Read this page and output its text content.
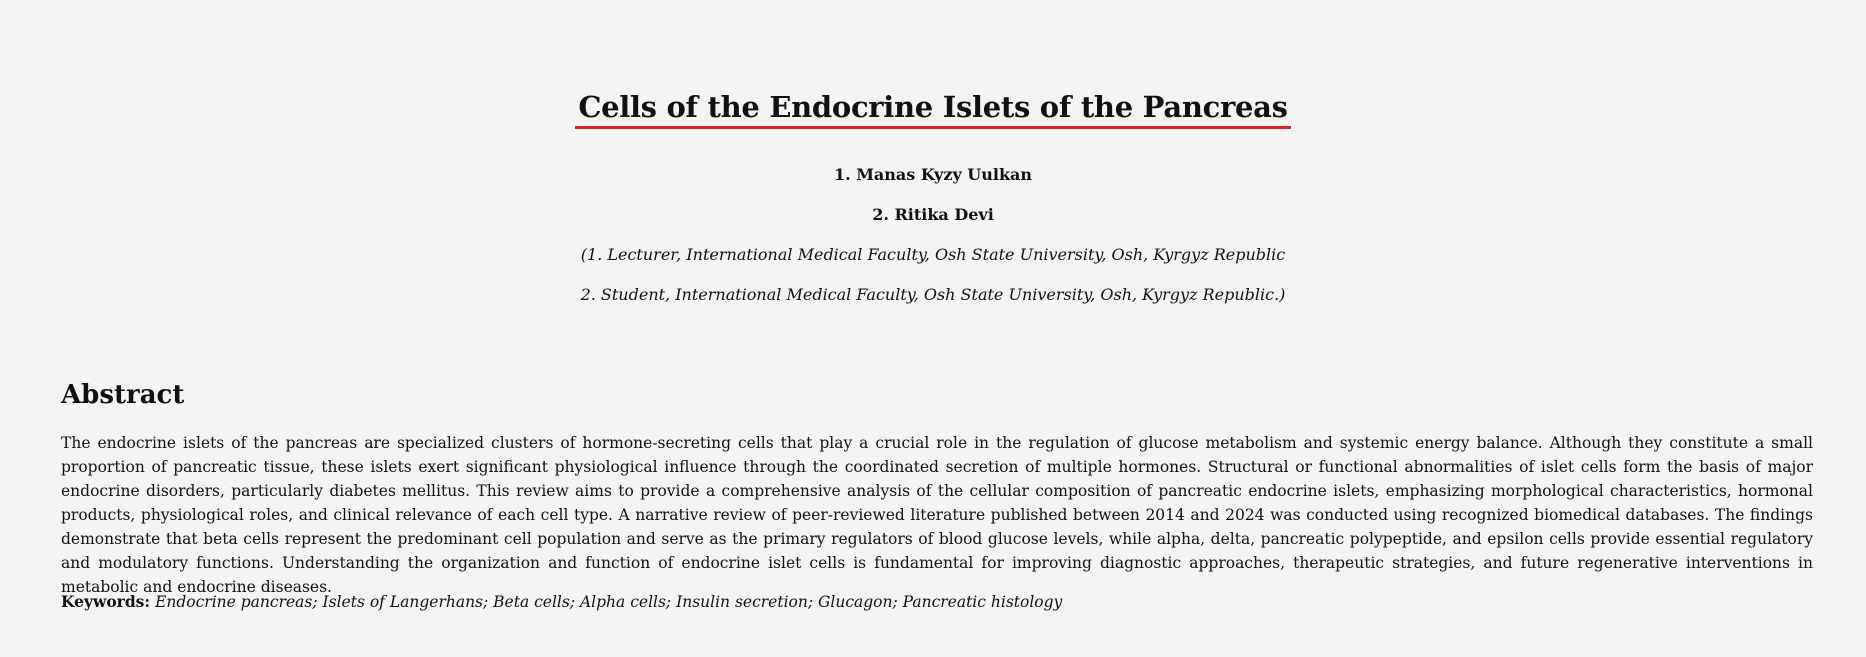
Cells of the Endocrine Islets of the Pancreas
1. Manas Kyzy Uulkan
2. Ritika Devi
(1. Lecturer, International Medical Faculty, Osh State University, Osh, Kyrgyz Republic
2. Student, International Medical Faculty, Osh State University, Osh, Kyrgyz Republic.)
Abstract

The endocrine islets of the pancreas are specialized clusters of hormone-secreting cells that play a crucial role in the regulation of glucose metabolism and systemic energy balance. Although they constitute a small proportion of pancreatic tissue, these islets exert significant physiological influence through the coordinated secretion of multiple hormones. Structural or functional abnormalities of islet cells form the basis of major endocrine disorders, particularly diabetes mellitus. This review aims to provide a comprehensive analysis of the cellular composition of pancreatic endocrine islets, emphasizing morphological characteristics, hormonal products, physiological roles, and clinical relevance of each cell type. A narrative review of peer-reviewed literature published between 2014 and 2024 was conducted using recognized biomedical databases. The findings demonstrate that beta cells represent the predominant cell population and serve as the primary regulators of blood glucose levels, while alpha, delta, pancreatic polypeptide, and epsilon cells provide essential regulatory and modulatory functions. Understanding the organization and function of endocrine islet cells is fundamental for improving diagnostic approaches, therapeutic strategies, and future regenerative interventions in metabolic and endocrine diseases.

Keywords: Endocrine pancreas; Islets of Langerhans; Beta cells; Alpha cells; Insulin secretion; Glucagon; Pancreatic histology
